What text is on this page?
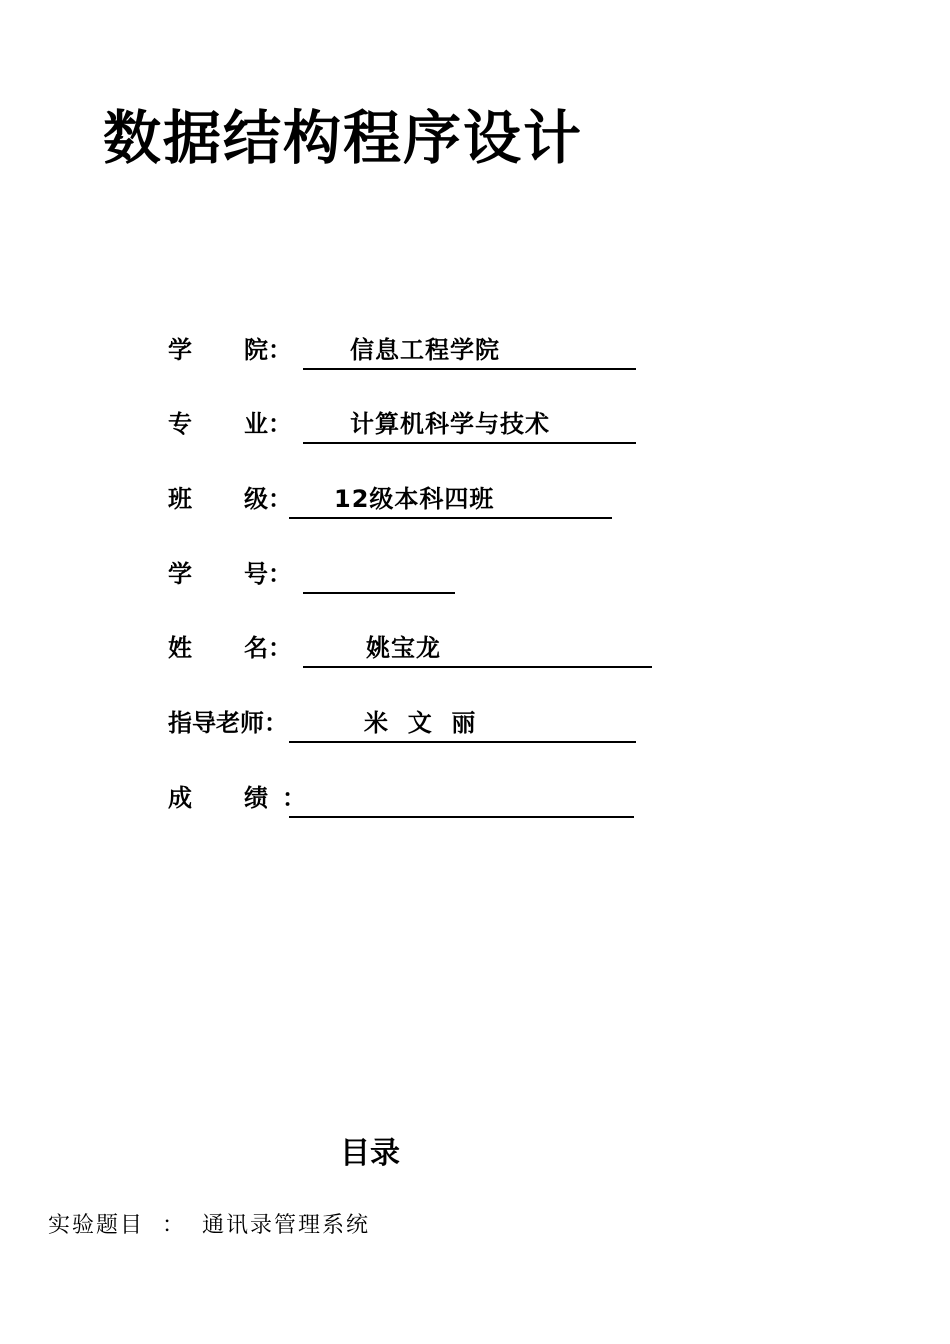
数据结构程序设计
学 院： 信息工程学院
专 业： 计算机科学与技术
班 级： 12级本科四班
学 号：
姓 名：	姚宝龙
指导老师：	米  文  丽
成 绩 ：
目录
实验题目 ： 通讯录管理系统
